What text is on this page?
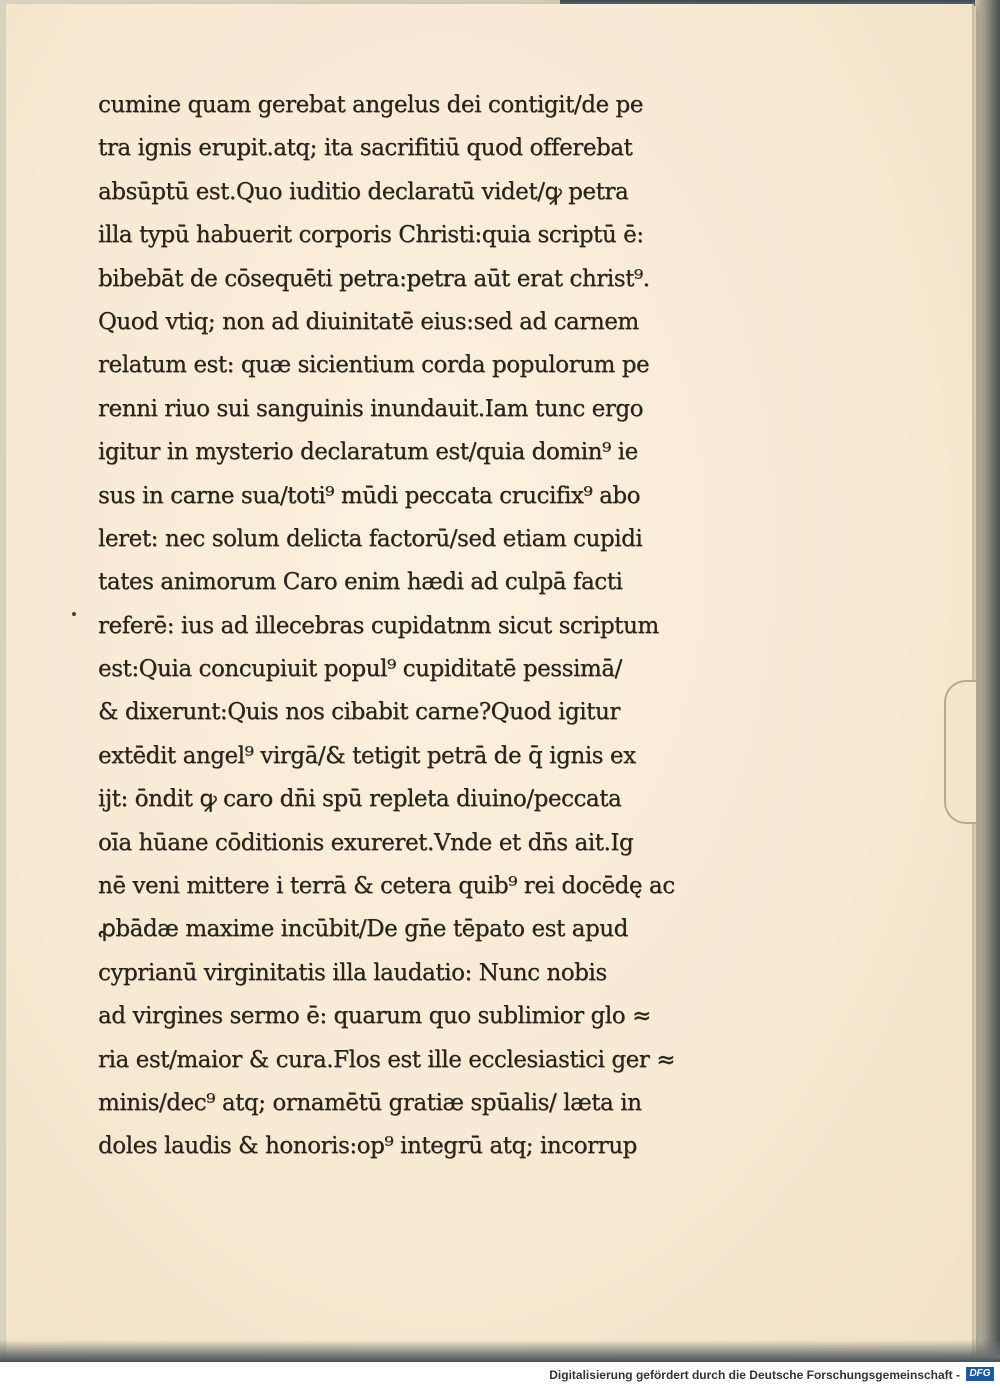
cumine quam gerebat angelus dei contigit/de pe
tra ignis erupit.atq; ita sacrifitiū quod offerebat
absūptū est.Quo iuditio declaratū videt/ꝙ petra
illa typū habuerit corporis Christi:quia scriptū ē:
bibebāt de cōsequēti petra:petra aūt erat christ⁹.
Quod vtiq; non ad diuinitatē eius:sed ad carnem
relatum est: quæ sicientium corda populorum pe
renni riuo sui sanguinis inundauit.Iam tunc ergo
igitur in mysterio declaratum est/quia domin⁹ ie
sus in carne sua/toti⁹ mūdi peccata crucifix⁹ abo
leret: nec solum delicta factorū/sed etiam cupidi
tates animorum Caro enim hædi ad culpā facti
referē: ius ad illecebras cupidatnm sicut scriptum
est:Quia concupiuit popul⁹ cupiditatē pessimā/
& dixerunt:Quis nos cibabit carne?Quod igitur
extēdit angel⁹ virgā/& tetigit petrā de q̄ ignis ex
ijt: ōndit ꝙ caro dn̄i spū repleta diuino/peccata
oīa hūane cōditionis exureret.Vnde et dn̄s ait.Ig
nē veni mittere i terrā & cetera quib⁹ rei docēdę ac
ꝓbādæ maxime incūbit/De gn̄e tēpato est apud
cyprianū virginitatis illa laudatio: Nunc nobis
ad virgines sermo ē: quarum quo sublimior glo ≈
ria est/maior & cura.Flos est ille ecclesiastici ger ≈
minis/dec⁹ atq; ornamētū gratiæ spūalis/ læta in
doles laudis & honoris:op⁹ integrū atq; incorrup
Digitalisierung gefördert durch die Deutsche Forschungsgemeinschaft - DFG
